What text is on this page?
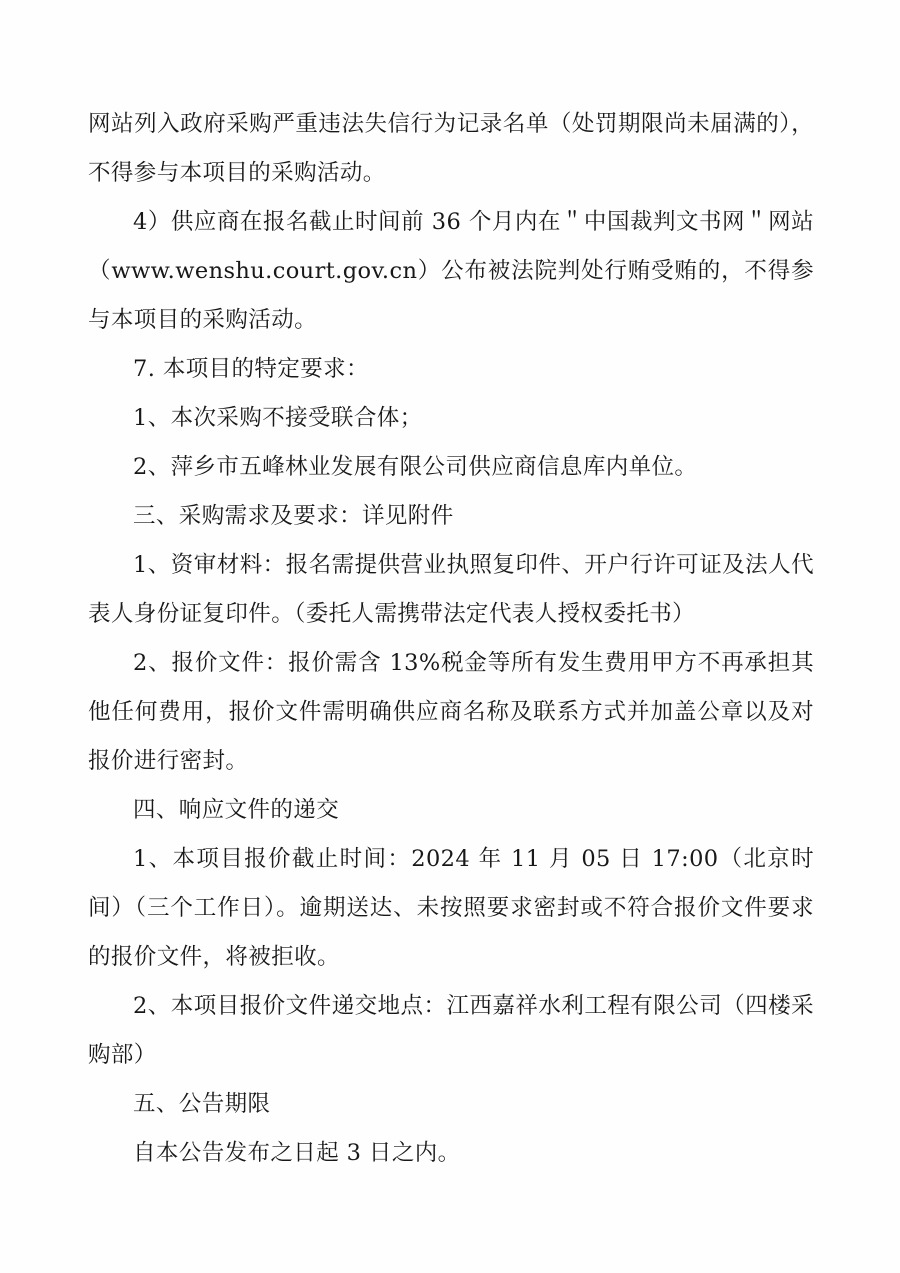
网站列入政府采购严重违法失信行为记录名单（处罚期限尚未届满的），不得参与本项目的采购活动。

4）供应商在报名截止时间前 36 个月内在＂中国裁判文书网＂网站（www.wenshu.court.gov.cn）公布被法院判处行贿受贿的，不得参与本项目的采购活动。

7. 本项目的特定要求：

1、本次采购不接受联合体；

2、萍乡市五峰林业发展有限公司供应商信息库内单位。

三、采购需求及要求：详见附件

1、资审材料：报名需提供营业执照复印件、开户行许可证及法人代表人身份证复印件。（委托人需携带法定代表人授权委托书）

2、报价文件：报价需含 13%税金等所有发生费用甲方不再承担其他任何费用，报价文件需明确供应商名称及联系方式并加盖公章以及对报价进行密封。

四、响应文件的递交

1、本项目报价截止时间：2024 年 11 月 05 日 17:00（北京时间）（三个工作日）。逾期送达、未按照要求密封或不符合报价文件要求的报价文件，将被拒收。

2、本项目报价文件递交地点：江西嘉祥水利工程有限公司（四楼采购部）

五、公告期限

自本公告发布之日起 3 日之内。
